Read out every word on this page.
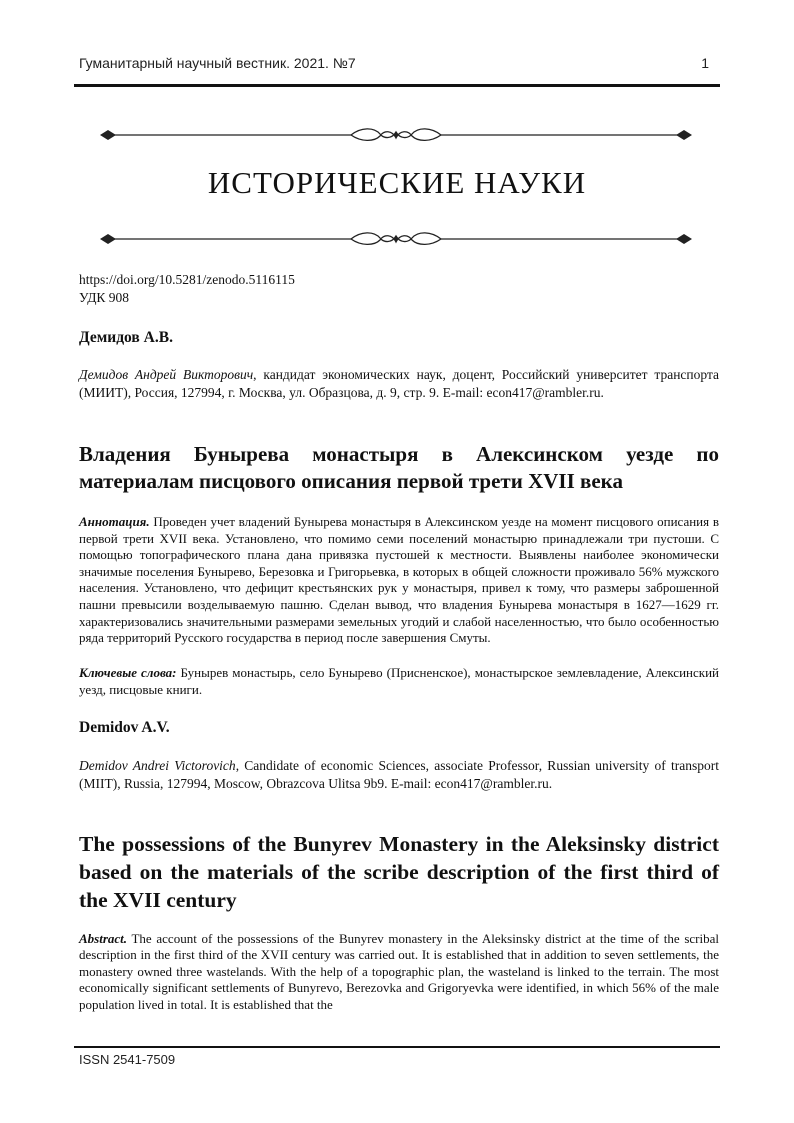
Гуманитарный научный вестник. 2021. №7	1
ИСТОРИЧЕСКИЕ НАУКИ
https://doi.org/10.5281/zenodo.5116115
УДК 908
Демидов А.В.
Демидов Андрей Викторович, кандидат экономических наук, доцент, Российский университет транспорта (МИИТ), Россия, 127994, г. Москва, ул. Образцова, д. 9, стр. 9. E-mail: econ417@rambler.ru.
Владения Бунырева монастыря в Алексинском уезде по материалам писцового описания первой трети XVII века
Аннотация. Проведен учет владений Бунырева монастыря в Алексинском уезде на момент писцового описания в первой трети XVII века. Установлено, что помимо семи поселений монастырю принадлежали три пустоши. С помощью топографического плана дана привязка пустошей к местности. Выявлены наиболее экономически значимые поселения Буныревo, Березовка и Григорьевка, в которых в общей сложности проживало 56% мужского населения. Установлено, что дефицит крестьянских рук у монастыря, привел к тому, что размеры заброшенной пашни превысили возделываемую пашню. Сделан вывод, что владения Бунырева монастыря в 1627—1629 гг. характеризовались значительными размерами земельных угодий и слабой населенностью, что было особенностью ряда территорий Русского государства в период после завершения Смуты.
Ключевые слова: Бунырев монастырь, село Буныревo (Присненское), монастырское землевладение, Алексинский уезд, писцовые книги.
Demidov A.V.
Demidov Andrei Victorovich, Candidate of economic Sciences, associate Professor, Russian university of transport (MIIT), Russia, 127994, Moscow, Obrazcova Ulitsa 9b9. E-mail: econ417@rambler.ru.
The possessions of the Bunyrev Monastery in the Aleksinsky district based on the materials of the scribe description of the first third of the XVII century
Abstract. The account of the possessions of the Bunyrev monastery in the Aleksinsky district at the time of the scribal description in the first third of the XVII century was carried out. It is established that in addition to seven settlements, the monastery owned three wastelands. With the help of a topographic plan, the wasteland is linked to the terrain. The most economically significant settlements of Bunyrevo, Berezovka and Grigoryevka were identified, in which 56% of the male population lived in total. It is established that the
ISSN 2541-7509
